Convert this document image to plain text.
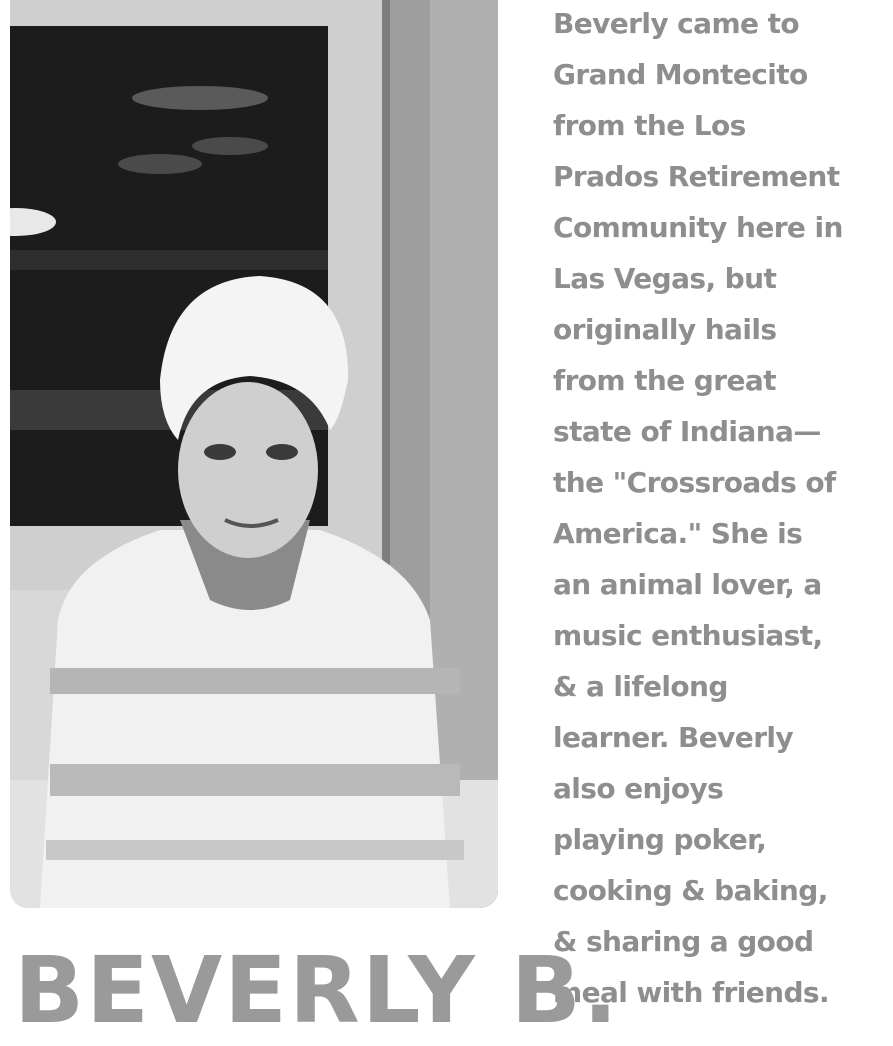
Beverly came to
Grand Montecito
from the Los
Prados Retirement
Community here in
Las Vegas, but
originally hails
from the great
state of Indiana—
the "Crossroads of
America." She is
an animal lover, a
music enthusiast,
& a lifelong
learner. Beverly
also enjoys
playing poker,
cooking & baking,
& sharing a good
meal with friends.

BEVERLY B.
